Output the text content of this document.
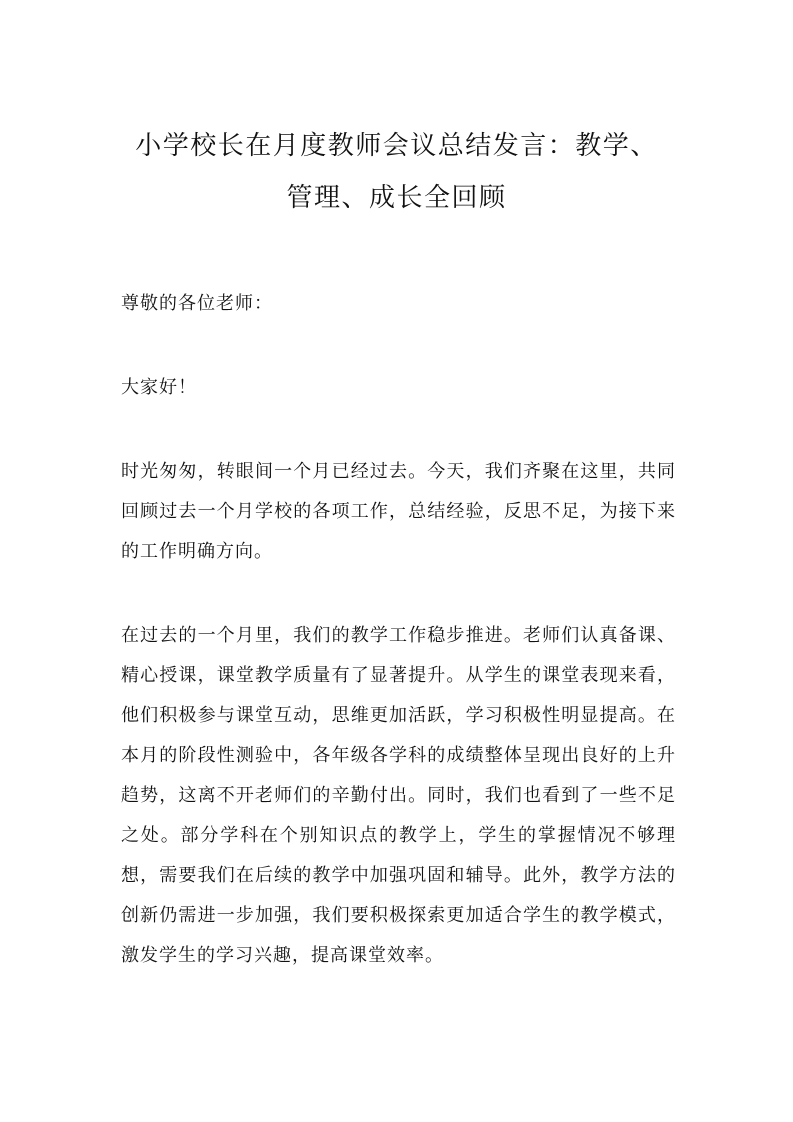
小学校长在月度教师会议总结发言：教学、
管理、成长全回顾

尊敬的各位老师：

大家好！

时光匆匆，转眼间一个月已经过去。今天，我们齐聚在这里，共同回顾过去一个月学校的各项工作，总结经验，反思不足，为接下来的工作明确方向。

在过去的一个月里，我们的教学工作稳步推进。老师们认真备课、精心授课，课堂教学质量有了显著提升。从学生的课堂表现来看，他们积极参与课堂互动，思维更加活跃，学习积极性明显提高。在本月的阶段性测验中，各年级各学科的成绩整体呈现出良好的上升趋势，这离不开老师们的辛勤付出。同时，我们也看到了一些不足之处。部分学科在个别知识点的教学上，学生的掌握情况不够理想，需要我们在后续的教学中加强巩固和辅导。此外，教学方法的创新仍需进一步加强，我们要积极探索更加适合学生的教学模式，激发学生的学习兴趣，提高课堂效率。
